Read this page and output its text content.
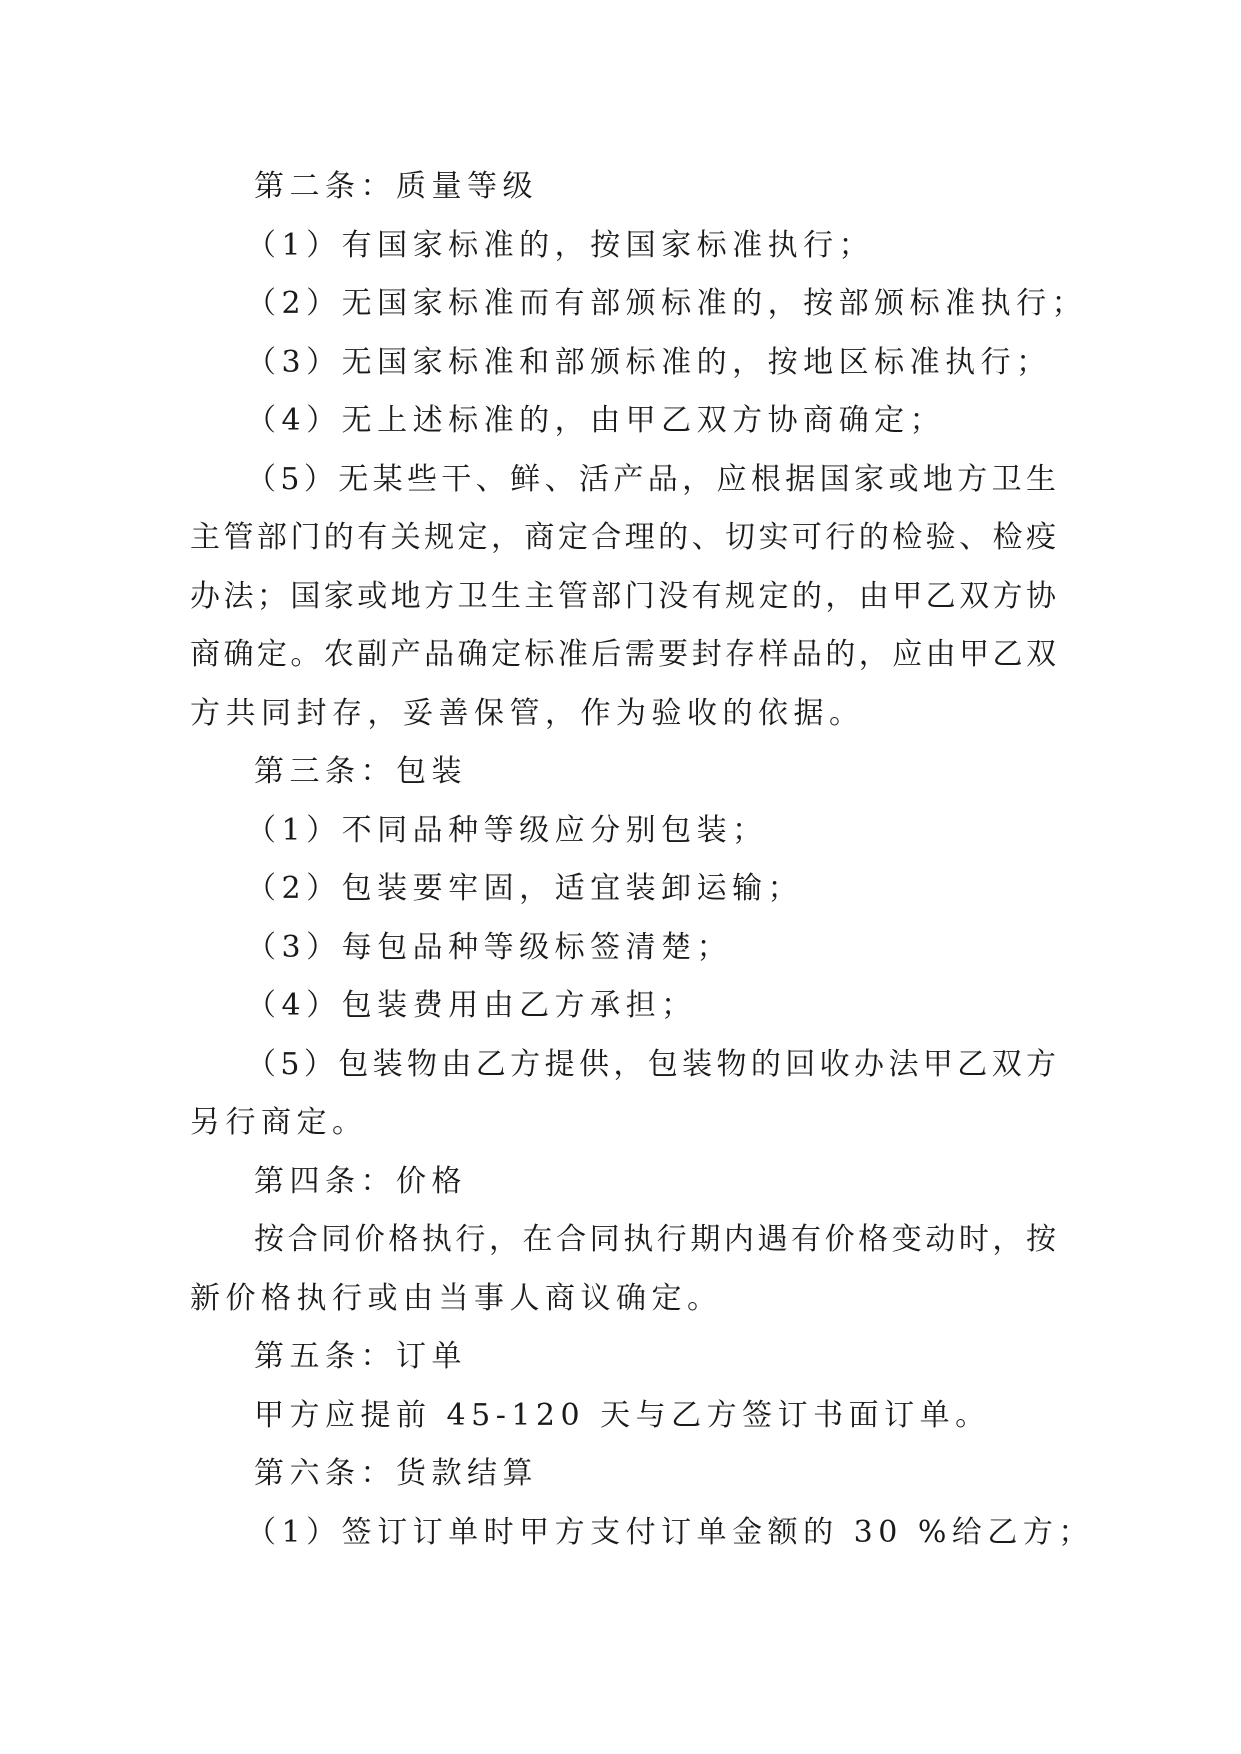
第二条：质量等级

（1）有国家标准的，按国家标准执行；

（2）无国家标准而有部颁标准的，按部颁标准执行；

（3）无国家标准和部颁标准的，按地区标准执行；

（4）无上述标准的，由甲乙双方协商确定；

（5）无某些干、鲜、活产品，应根据国家或地方卫生

主管部门的有关规定，商定合理的、切实可行的检验、检疫

办法；国家或地方卫生主管部门没有规定的，由甲乙双方协

商确定。农副产品确定标准后需要封存样品的，应由甲乙双

方共同封存，妥善保管，作为验收的依据。

第三条：包装

（1）不同品种等级应分别包装；

（2）包装要牢固，适宜装卸运输；

（3）每包品种等级标签清楚；

（4）包装费用由乙方承担；

（5）包装物由乙方提供，包装物的回收办法甲乙双方

另行商定。

第四条：价格

按合同价格执行，在合同执行期内遇有价格变动时，按

新价格执行或由当事人商议确定。

第五条：订单

甲方应提前 45-120 天与乙方签订书面订单。

第六条：货款结算

（1）签订订单时甲方支付订单金额的 30 %给乙方；
